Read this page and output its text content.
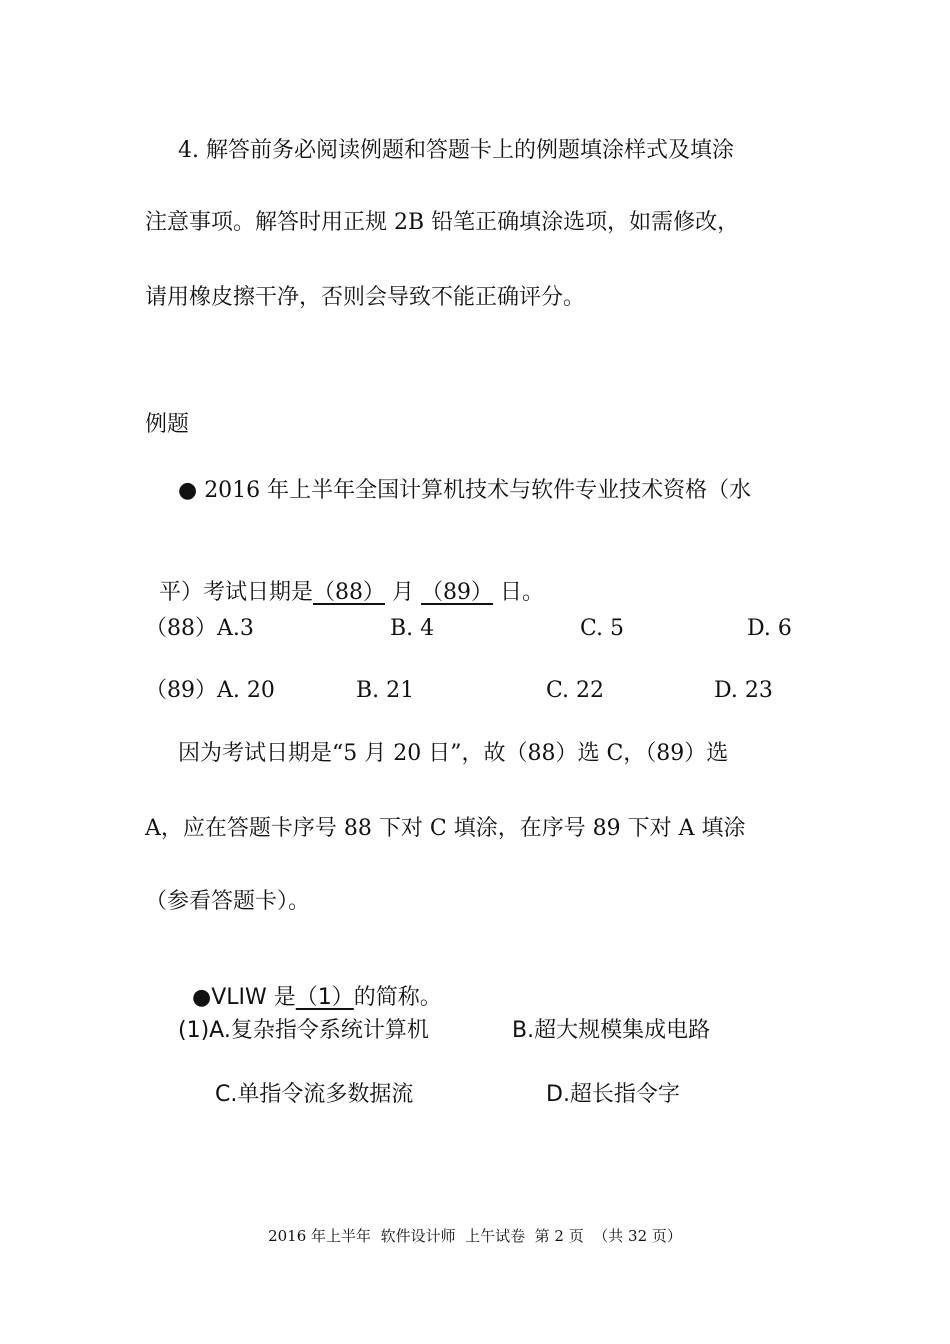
4. 解答前务必阅读例题和答题卡上的例题填涂样式及填涂
注意事项。解答时用正规 2B 铅笔正确填涂选项，如需修改，
请用橡皮擦干净，否则会导致不能正确评分。
例题
● 2016 年上半年全国计算机技术与软件专业技术资格（水

平）考试日期是（88） 月 （89） 日。

（88）A.3	B. 4	C. 5	D. 6
（89）A. 20	B. 21	C. 22	D. 23
因为考试日期是“5 月 20 日”，故（88）选 C，（89）选
A，应在答题卡序号 88 下对 C 填涂，在序号 89 下对 A 填涂
（参看答题卡）。

●VLIW 是（1）的简称。

(1)A.复杂指令系统计算机	B.超大规模集成电路
C.单指令流多数据流	D.超长指令字
2016 年上半年  软件设计师  上午试卷  第 2 页  （共 32 页）
